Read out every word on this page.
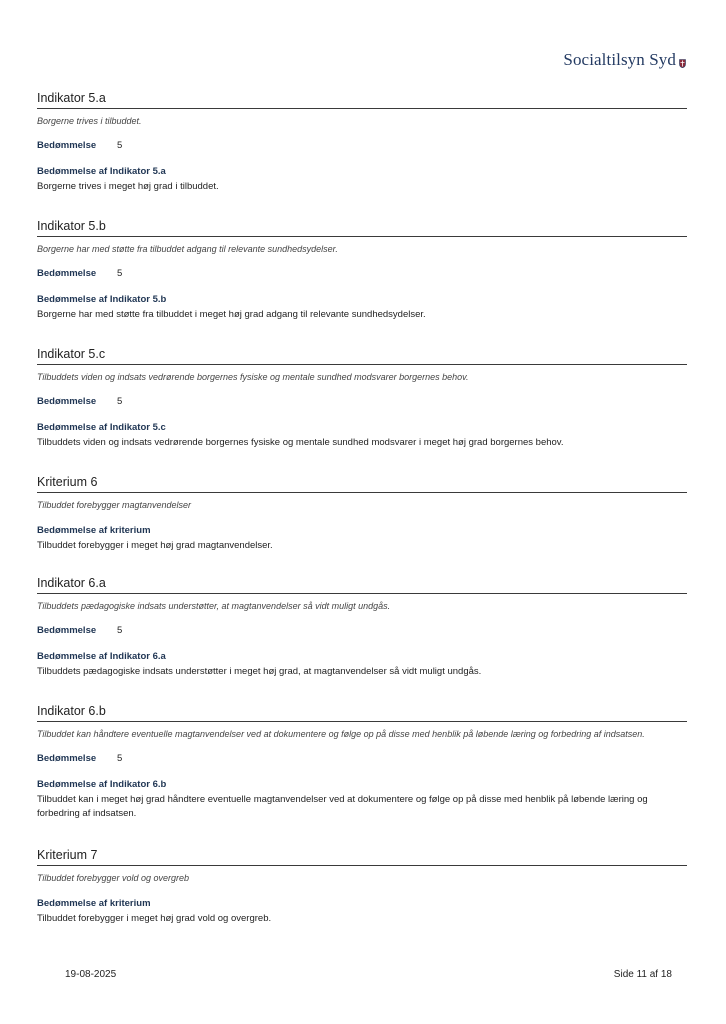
Socialtilsyn Syd
Indikator 5.a
Borgerne trives i tilbuddet.
Bedømmelse	5
Bedømmelse af Indikator 5.a
Borgerne trives i meget høj grad i tilbuddet.
Indikator 5.b
Borgerne har med støtte fra tilbuddet adgang til relevante sundhedsydelser.
Bedømmelse	5
Bedømmelse af Indikator 5.b
Borgerne har med støtte fra tilbuddet i meget høj grad adgang til relevante sundhedsydelser.
Indikator 5.c
Tilbuddets viden og indsats vedrørende borgernes fysiske og mentale sundhed modsvarer borgernes behov.
Bedømmelse	5
Bedømmelse af Indikator 5.c
Tilbuddets viden og indsats vedrørende borgernes fysiske og mentale sundhed modsvarer i meget høj grad borgernes behov.
Kriterium 6
Tilbuddet forebygger magtanvendelser
Bedømmelse af kriterium
Tilbuddet forebygger i meget høj grad magtanvendelser.
Indikator 6.a
Tilbuddets pædagogiske indsats understøtter, at magtanvendelser så vidt muligt undgås.
Bedømmelse	5
Bedømmelse af Indikator 6.a
Tilbuddets pædagogiske indsats understøtter i meget høj grad, at magtanvendelser så vidt muligt undgås.
Indikator 6.b
Tilbuddet kan håndtere eventuelle magtanvendelser ved at dokumentere og følge op på disse med henblik på løbende læring og forbedring af indsatsen.
Bedømmelse	5
Bedømmelse af Indikator 6.b
Tilbuddet kan i meget høj grad håndtere eventuelle magtanvendelser ved at dokumentere og følge op på disse med henblik på løbende læring og forbedring af indsatsen.
Kriterium 7
Tilbuddet forebygger vold og overgreb
Bedømmelse af kriterium
Tilbuddet forebygger i meget høj grad vold og overgreb.
19-08-2025	Side 11 af 18
